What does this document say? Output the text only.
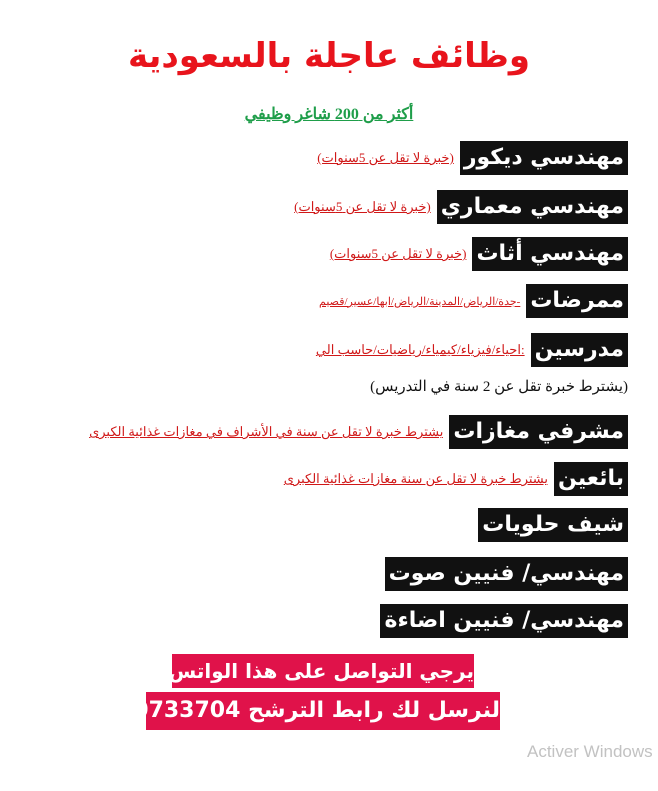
وظائف عاجلة بالسعودية
أكثر من 200 شاغر وظيفي
مهندسي ديكور
(خبرة لا تقل عن 5سنوات)
مهندسي معماري
(خبرة لا تقل عن 5سنوات)
مهندسي أثاث
(خبرة لا تقل عن 5سنوات)
ممرضات
-جدة/الرياض/المدينة/الرياض/ابها/عسير/قصيم
مدرسين
:احياء/فيزياء/كيمياء/رياضيات/حاسب الي
(يشترط خبرة تقل عن 2 سنة في التدريس)
مشرفي مغازات
يشترط خبرة لا تقل عن سنة في الأشراف في مغازات غذائية الكبرى
بائعين
يشترط خبرة لا تقل عن سنة مغازات غذائية الكبرى
شيف حلويات
مهندسي/ فنيين صوت
مهندسي/ فنيين اضاءة
يرجي التواصل على هذا الواتس
لنرسل لك رابط الترشح 50733704
Activer Windows
